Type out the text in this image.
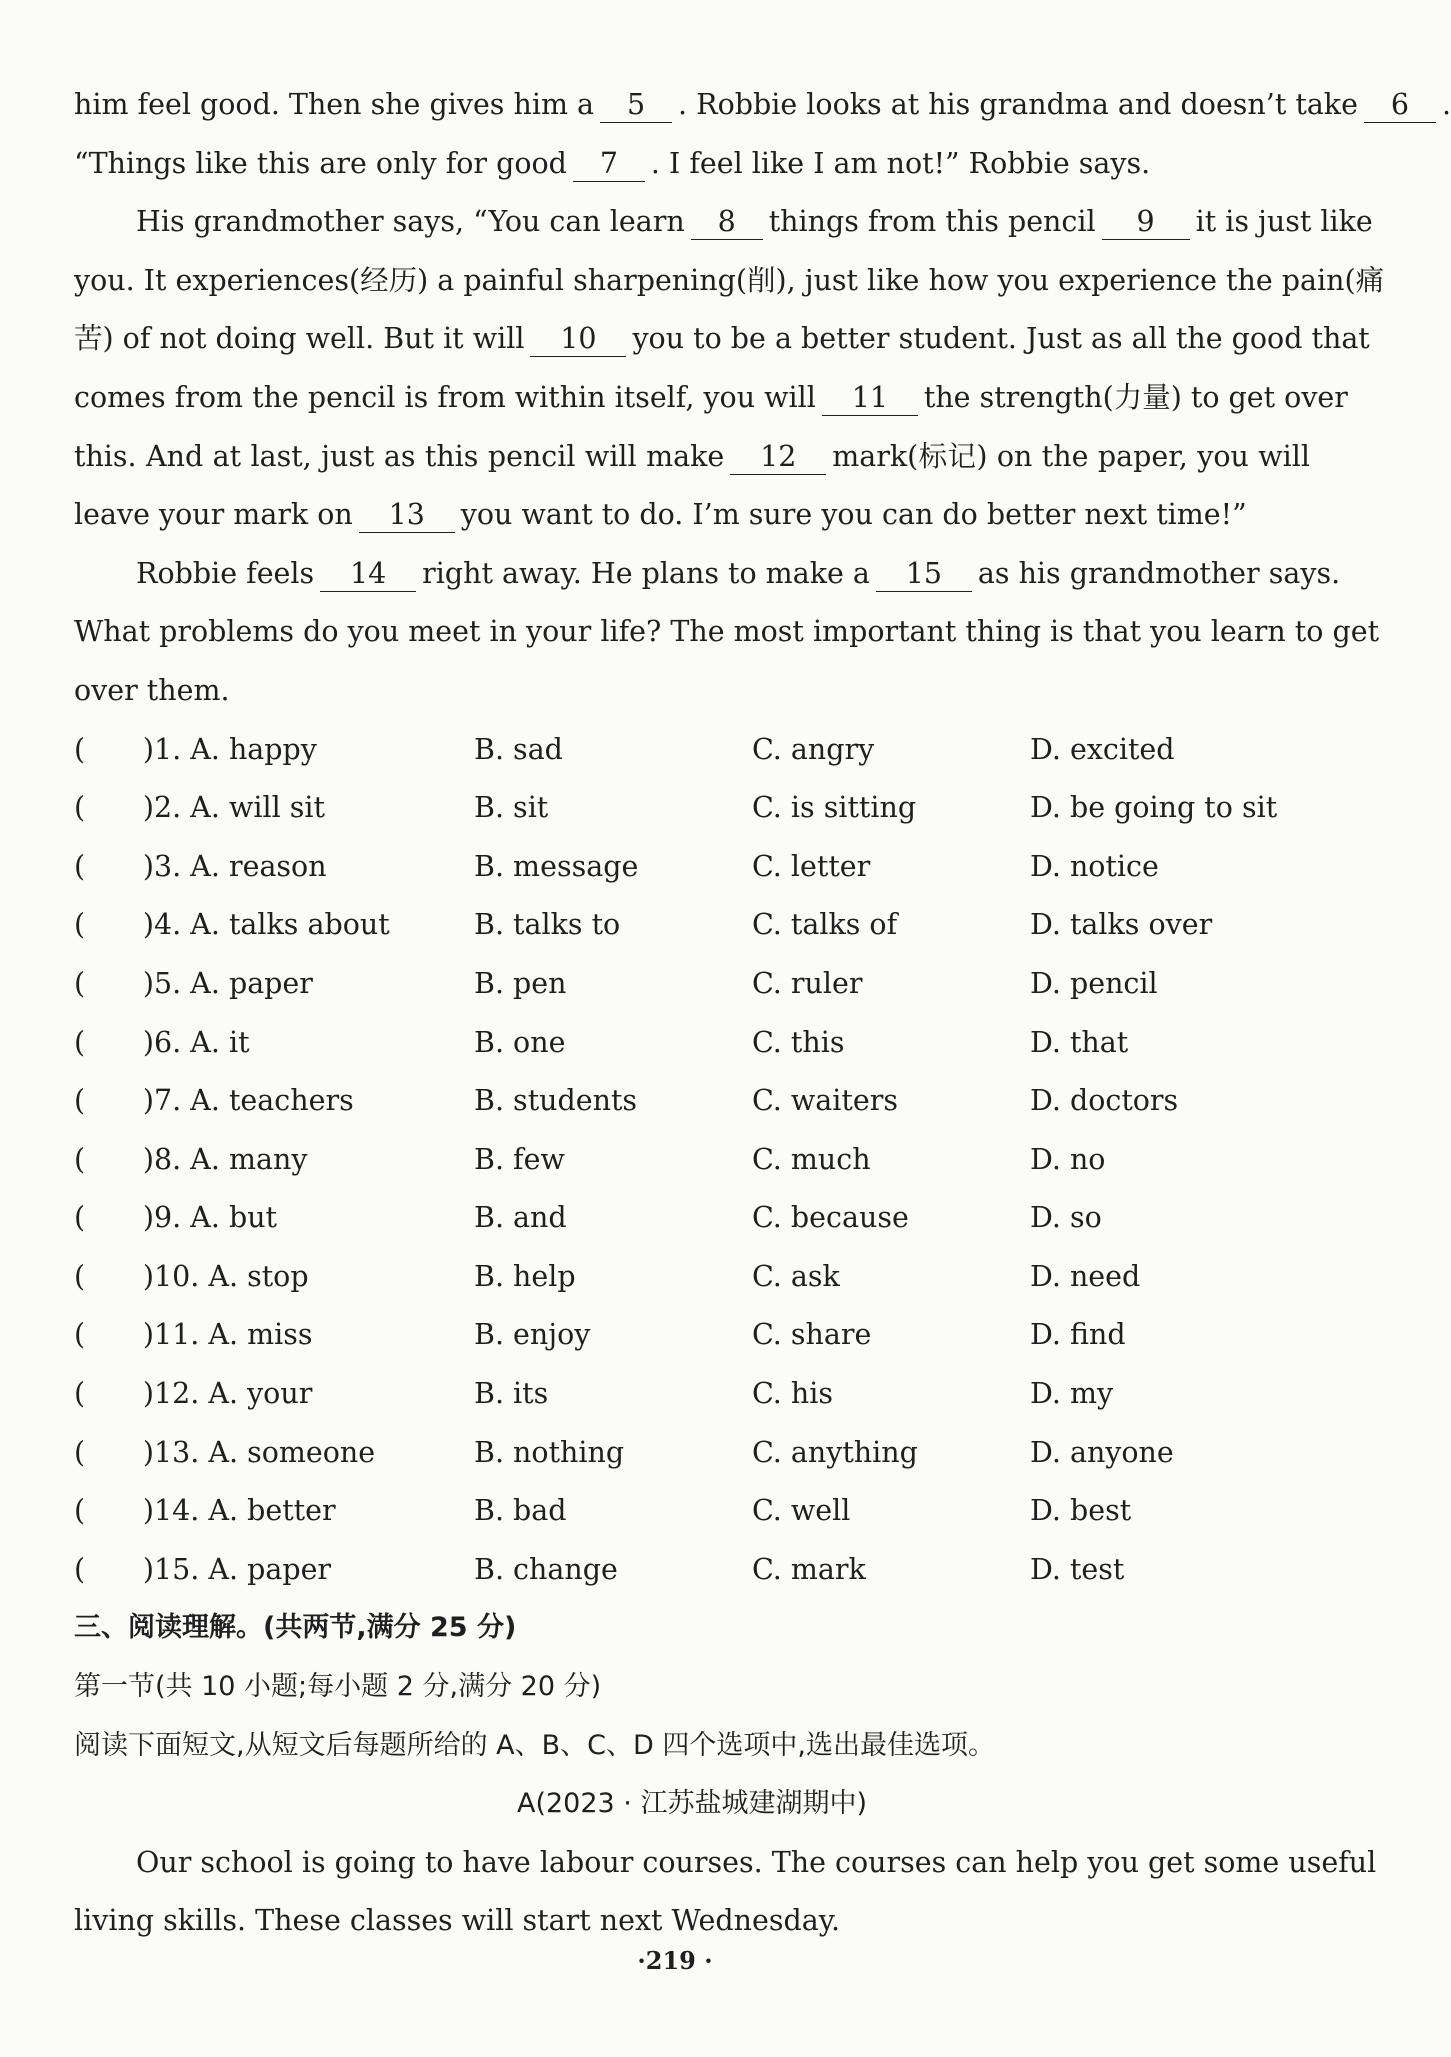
him feel good. Then she gives him a 5 . Robbie looks at his grandma and doesn’t take 6 .
“Things like this are only for good 7 . I feel like I am not!” Robbie says.
His grandmother says, “You can learn 8 things from this pencil 9 it is just like
you. It experiences(经历) a painful sharpening(削), just like how you experience the pain(痛
苦) of not doing well. But it will 10 you to be a better student. Just as all the good that
comes from the pencil is from within itself, you will 11 the strength(力量) to get over
this. And at last, just as this pencil will make 12 mark(标记) on the paper, you will
leave your mark on 13 you want to do. I’m sure you can do better next time!”
Robbie feels 14 right away. He plans to make a 15 as his grandmother says.
What problems do you meet in your life? The most important thing is that you learn to get
over them.
( ) 1. A. happy	B. sad	C. angry	D. excited
( ) 2. A. will sit	B. sit	C. is sitting	D. be going to sit
( ) 3. A. reason	B. message	C. letter	D. notice
( ) 4. A. talks about	B. talks to	C. talks of	D. talks over
( ) 5. A. paper	B. pen	C. ruler	D. pencil
( ) 6. A. it	B. one	C. this	D. that
( ) 7. A. teachers	B. students	C. waiters	D. doctors
( ) 8. A. many	B. few	C. much	D. no
( ) 9. A. but	B. and	C. because	D. so
( ) 10. A. stop	B. help	C. ask	D. need
( ) 11. A. miss	B. enjoy	C. share	D. find
( ) 12. A. your	B. its	C. his	D. my
( ) 13. A. someone	B. nothing	C. anything	D. anyone
( ) 14. A. better	B. bad	C. well	D. best
( ) 15. A. paper	B. change	C. mark	D. test
三、阅读理解。(共两节,满分 25 分)
第一节(共 10 小题;每小题 2 分,满分 20 分)
阅读下面短文,从短文后每题所给的 A、B、C、D 四个选项中,选出最佳选项。
A(2023 · 江苏盐城建湖期中)
Our school is going to have labour courses. The courses can help you get some useful
living skills. These classes will start next Wednesday.
·219 ·
